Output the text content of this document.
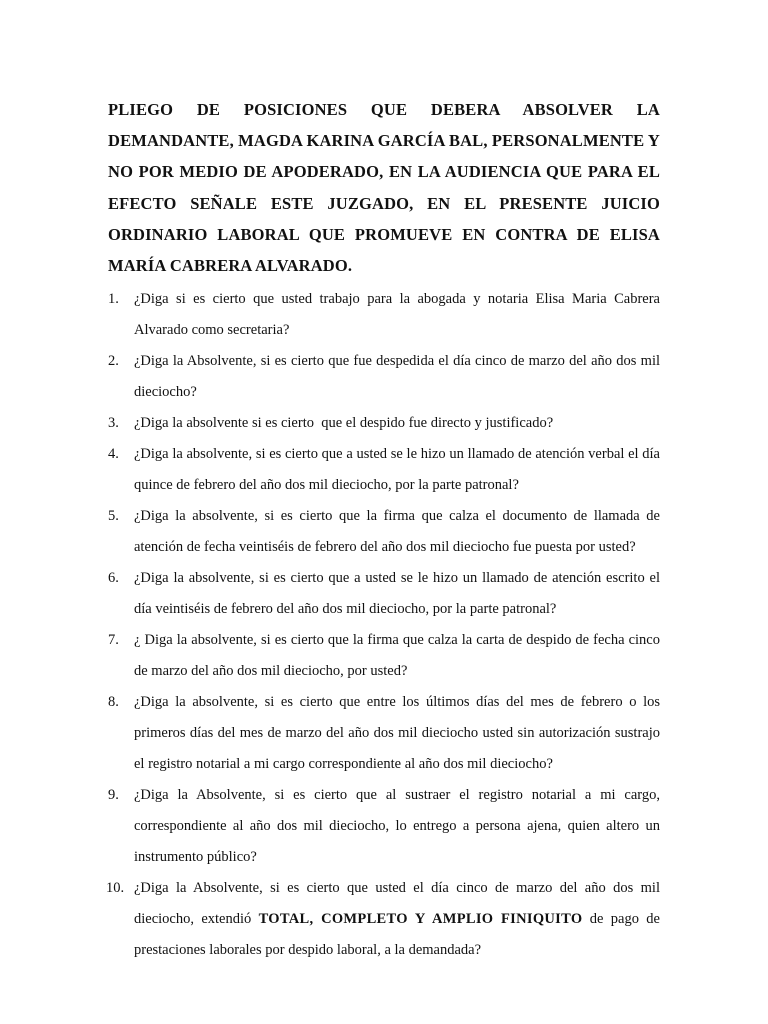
PLIEGO DE POSICIONES QUE DEBERA ABSOLVER LA DEMANDANTE, MAGDA KARINA GARCÍA BAL, PERSONALMENTE Y NO POR MEDIO DE APODERADO, EN LA AUDIENCIA QUE PARA EL EFECTO SEÑALE ESTE JUZGADO, EN EL PRESENTE JUICIO ORDINARIO LABORAL QUE PROMUEVE EN CONTRA DE ELISA MARÍA CABRERA ALVARADO.

1.	¿Diga si es cierto que usted trabajo para la abogada y notaria Elisa Maria Cabrera Alvarado como secretaria?
2.	¿Diga la Absolvente, si es cierto que fue despedida el día cinco de marzo del año dos mil dieciocho?
3.	¿Diga la absolvente si es cierto  que el despido fue directo y justificado?
4.	¿Diga la absolvente, si es cierto que a usted se le hizo un llamado de atención verbal el día quince de febrero del año dos mil dieciocho, por la parte patronal?
5.	¿Diga la absolvente, si es cierto que la firma que calza el documento de llamada de atención de fecha veintiséis de febrero del año dos mil dieciocho fue puesta por usted?
6.	¿Diga la absolvente, si es cierto que a usted se le hizo un llamado de atención escrito el día veintiséis de febrero del año dos mil dieciocho, por la parte patronal?
7.	¿ Diga la absolvente, si es cierto que la firma que calza la carta de despido de fecha cinco de marzo del año dos mil dieciocho, por usted?
8.	¿Diga la absolvente, si es cierto que entre los últimos días del mes de febrero o los primeros días del mes de marzo del año dos mil dieciocho usted sin autorización sustrajo el registro notarial a mi cargo correspondiente al año dos mil dieciocho?
9.	¿Diga la Absolvente, si es cierto que al sustraer el registro notarial a mi cargo, correspondiente al año dos mil dieciocho, lo entrego a persona ajena, quien altero un instrumento público?
10. ¿Diga la Absolvente, si es cierto que usted el día cinco de marzo del año dos mil dieciocho, extendió TOTAL, COMPLETO Y AMPLIO FINIQUITO de pago de prestaciones laborales por despido laboral, a la demandada?
